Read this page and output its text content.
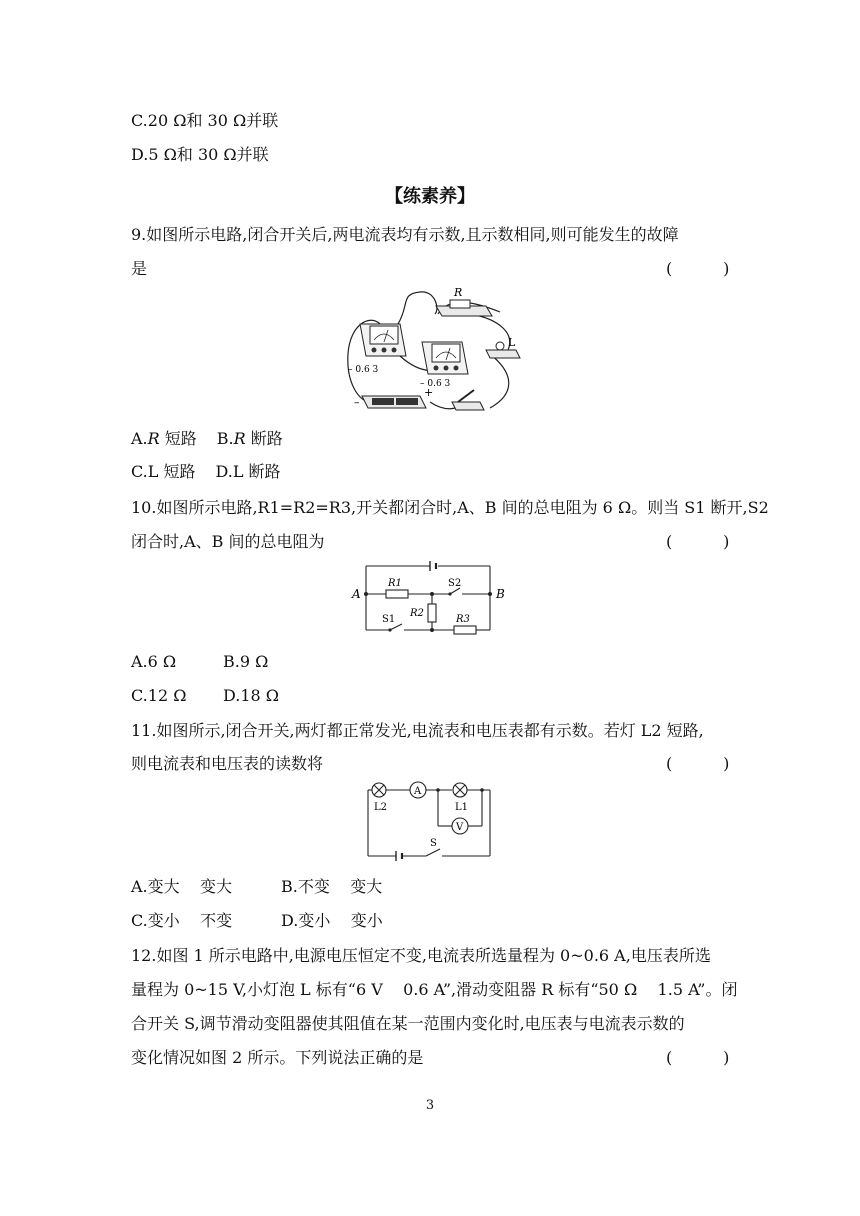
C.20 Ω和 30 Ω并联
D.5 Ω和 30 Ω并联
【练素养】
9.如图所示电路,闭合开关后,两电流表均有示数,且示数相同,则可能发生的故障
是	(          )
R
– 0.6 3
– 0.6 3
L
–
+
A.R 短路 B.R 断路
C.L 短路 D.L 断路
10.如图所示电路,R1=R2=R3,开关都闭合时,A、B 间的总电阻为 6 Ω。则当 S1 断开,S2
闭合时,A、B 间的总电阻为	(          )
A	B
R1
R2
R3
S1
S2
A.6 Ω	B.9 Ω
C.12 Ω D.18 Ω
11.如图所示,闭合开关,两灯都正常发光,电流表和电压表都有示数。若灯 L2 短路,
则电流表和电压表的读数将	(          )
A
V
L2	L1
S
A.变大    变大	B.不变    变大
C.变小    不变	D.变小    变小
12.如图 1 所示电路中,电源电压恒定不变,电流表所选量程为 0~0.6 A,电压表所选
量程为 0~15 V,小灯泡 L 标有“6 V    0.6 A”,滑动变阻器 R 标有“50 Ω    1.5 A”。闭
合开关 S,调节滑动变阻器使其阻值在某一范围内变化时,电压表与电流表示数的
变化情况如图 2 所示。下列说法正确的是	(          )
3
